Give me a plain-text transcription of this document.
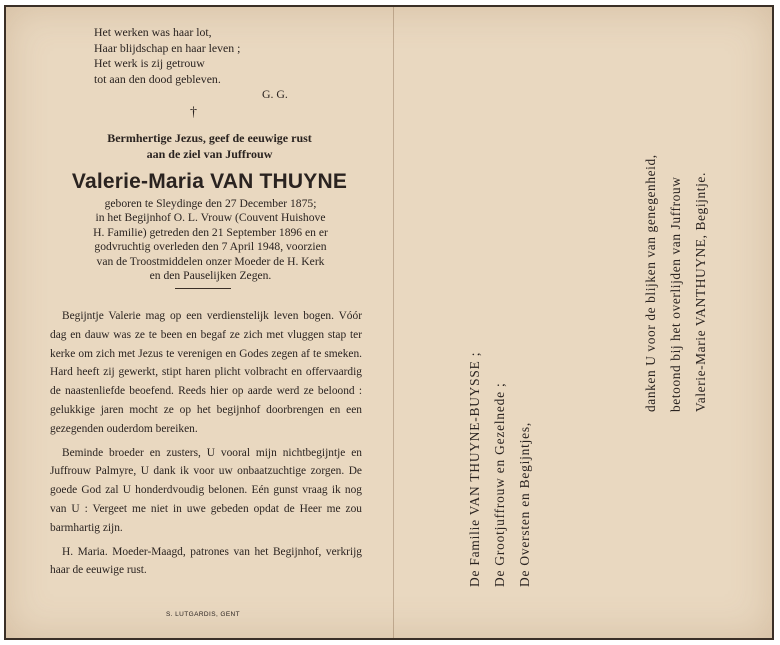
Het werken was haar lot,
Haar blijdschap en haar leven ;
Het werk is zij getrouw
tot aan den dood gebleven.
G. G.
†
Bermhertige Jezus, geef de eeuwige rust
aan de ziel van Juffrouw
Valerie-Maria VAN THUYNE
geboren te Sleydinge den 27 December 1875;
in het Begijnhof O. L. Vrouw (Couvent Huishove
H. Familie) getreden den 21 September 1896 en er
godvruchtig overleden den 7 April 1948, voorzien
van de Troostmiddelen onzer Moeder de H. Kerk
en den Pauselijken Zegen.

Begijntje Valerie mag op een verdienstelijk leven bogen. Vóór dag en dauw was ze te been en begaf ze zich met vluggen stap ter kerke om zich met Jezus te verenigen en Godes zegen af te smeken. Hard heeft zij gewerkt, stipt haren plicht volbracht en offervaardig de naastenliefde beoefend. Reeds hier op aarde werd ze beloond : gelukkige jaren mocht ze op het begijnhof doorbrengen en een gezegenden ouderdom bereiken.

Beminde broeder en zusters, U vooral mijn nichtbegijntje en Juffrouw Palmyre, U dank ik voor uw onbaatzuchtige zorgen. De goede God zal U honderdvoudig belonen. Eén gunst vraag ik nog van U : Vergeet me niet in uwe gebeden opdat de Heer me zou barmhartig zijn.

H. Maria. Moeder-Maagd, patrones van het Begijnhof, verkrijg haar de eeuwige rust.

S. LUTGARDIS, GENT
De Familie VAN THUYNE-BUYSSE ; De Grootjuffrouw en Gezelnede ; De Oversten en Begijntjes,
danken U voor de blijken van genegenheid, betoond bij het overlijden van Juffrouw Valerie-Marie VANTHUYNE, Begijntje.
